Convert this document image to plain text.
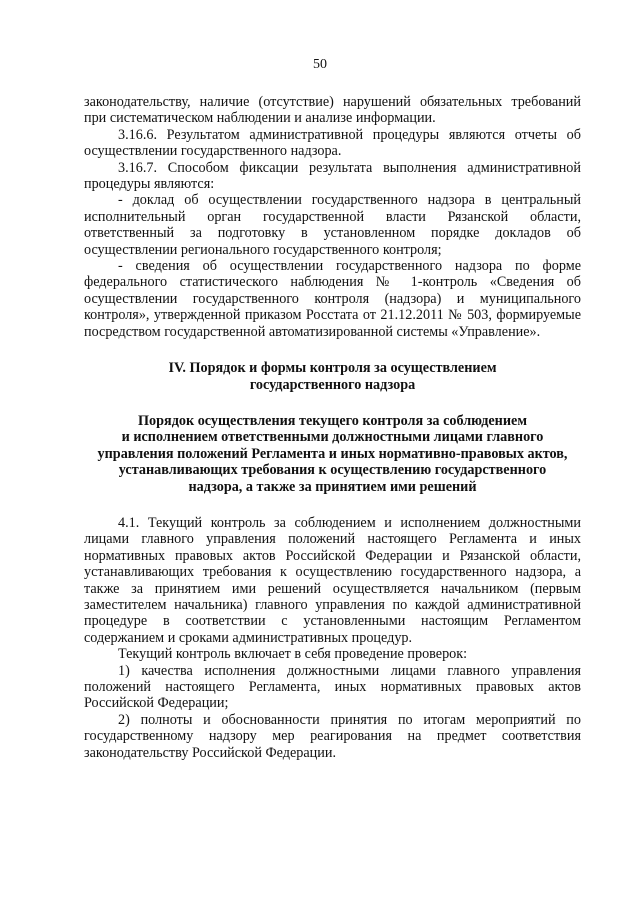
50
законодательству, наличие (отсутствие) нарушений обязательных требований
при систематическом наблюдении и анализе информации.
3.16.6. Результатом административной процедуры являются отчеты об
осуществлении государственного надзора.
3.16.7. Способом фиксации результата выполнения административной
процедуры являются:
- доклад об осуществлении государственного надзора в центральный
исполнительный орган государственной власти Рязанской области,
ответственный за подготовку в установленном порядке докладов об
осуществлении регионального государственного контроля;
- сведения об осуществлении государственного надзора по форме
федерального статистического наблюдения № 1-контроль «Сведения об
осуществлении государственного контроля (надзора) и муниципального
контроля», утвержденной приказом Росстата от 21.12.2011 № 503, формируемые
посредством государственной автоматизированной системы «Управление».
IV. Порядок и формы контроля за осуществлением
государственного надзора
Порядок осуществления текущего контроля за соблюдением
и исполнением ответственными должностными лицами главного
управления положений Регламента и иных нормативно-правовых актов,
устанавливающих требования к осуществлению государственного
надзора, а также за принятием ими решений
4.1. Текущий контроль за соблюдением и исполнением должностными
лицами главного управления положений настоящего Регламента и иных
нормативных правовых актов Российской Федерации и Рязанской области,
устанавливающих требования к осуществлению государственного надзора, а
также за принятием ими решений осуществляется начальником (первым
заместителем начальника) главного управления по каждой административной
процедуре в соответствии с установленными настоящим Регламентом
содержанием и сроками административных процедур.
Текущий контроль включает в себя проведение проверок:
1) качества исполнения должностными лицами главного управления
положений настоящего Регламента, иных нормативных правовых актов
Российской Федерации;
2) полноты и обоснованности принятия по итогам мероприятий по
государственному надзору мер реагирования на предмет соответствия
законодательству Российской Федерации.
